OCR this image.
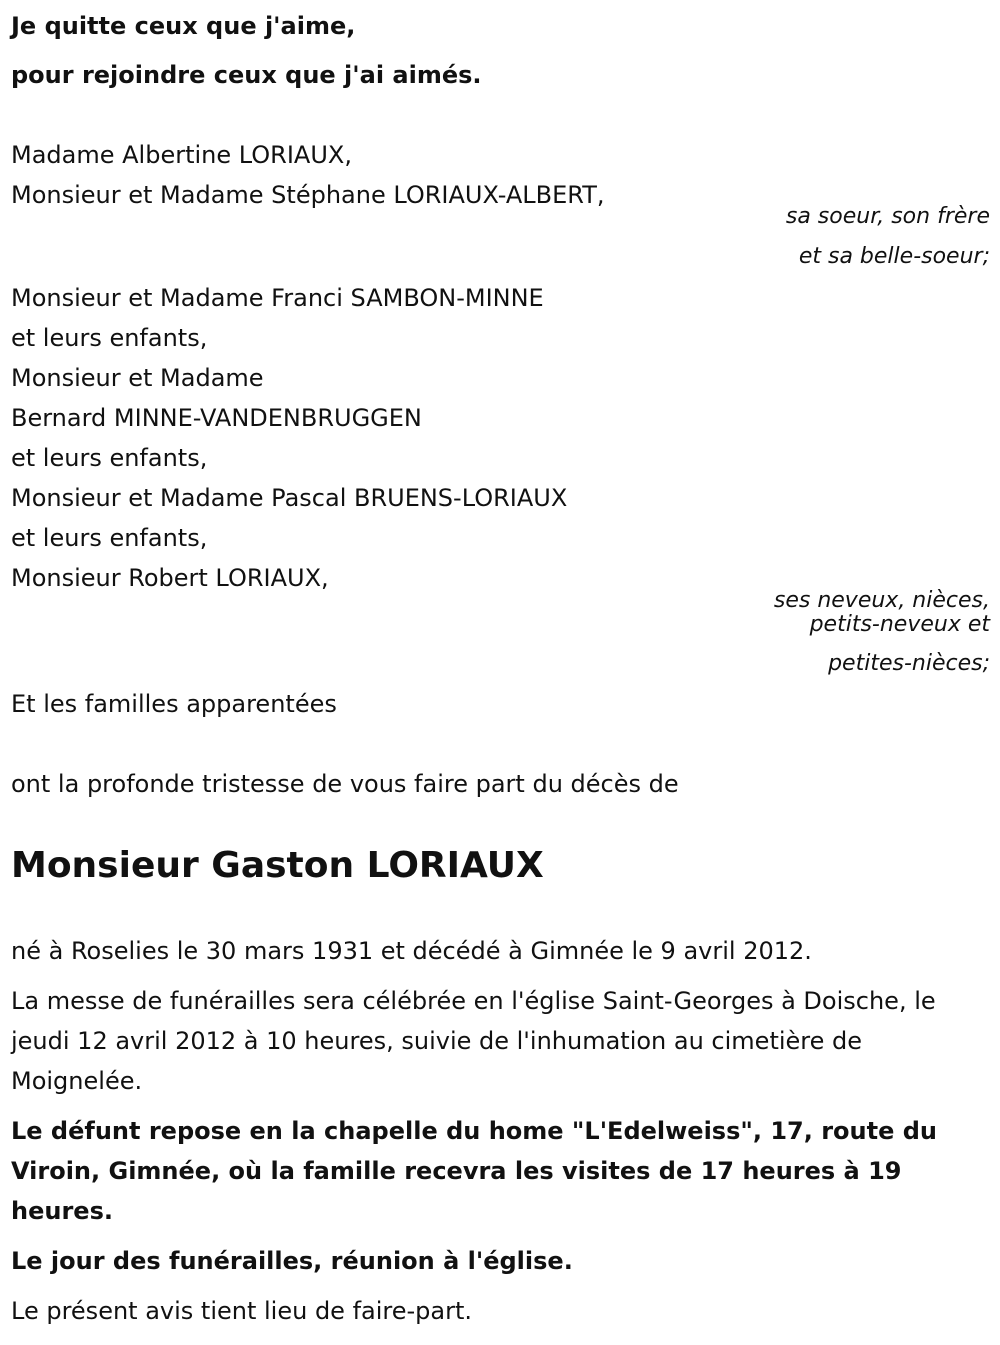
Je quitte ceux que j'aime,

pour rejoindre ceux que j'ai aimés.

Madame Albertine LORIAUX,

Monsieur et Madame Stéphane LORIAUX-ALBERT,

sa soeur, son frère

et sa belle-soeur;

Monsieur et Madame Franci SAMBON-MINNE

et leurs enfants,

Monsieur et Madame

Bernard MINNE-VANDENBRUGGEN

et leurs enfants,

Monsieur et Madame Pascal BRUENS-LORIAUX

et leurs enfants,

Monsieur Robert LORIAUX,

ses neveux, nièces,

petits-neveux et

petites-nièces;

Et les familles apparentées

ont la profonde tristesse de vous faire part du décès de

Monsieur Gaston LORIAUX

né à Roselies le 30 mars 1931 et décédé à Gimnée le 9 avril 2012.

La messe de funérailles sera célébrée en l'église Saint-Georges à Doische, le jeudi 12 avril 2012 à 10 heures, suivie de l'inhumation au cimetière de Moignelée.

Le défunt repose en la chapelle du home "L'Edelweiss", 17, route du Viroin, Gimnée, où la famille recevra les visites de 17 heures à 19 heures.

Le jour des funérailles, réunion à l'église.

Le présent avis tient lieu de faire-part.
